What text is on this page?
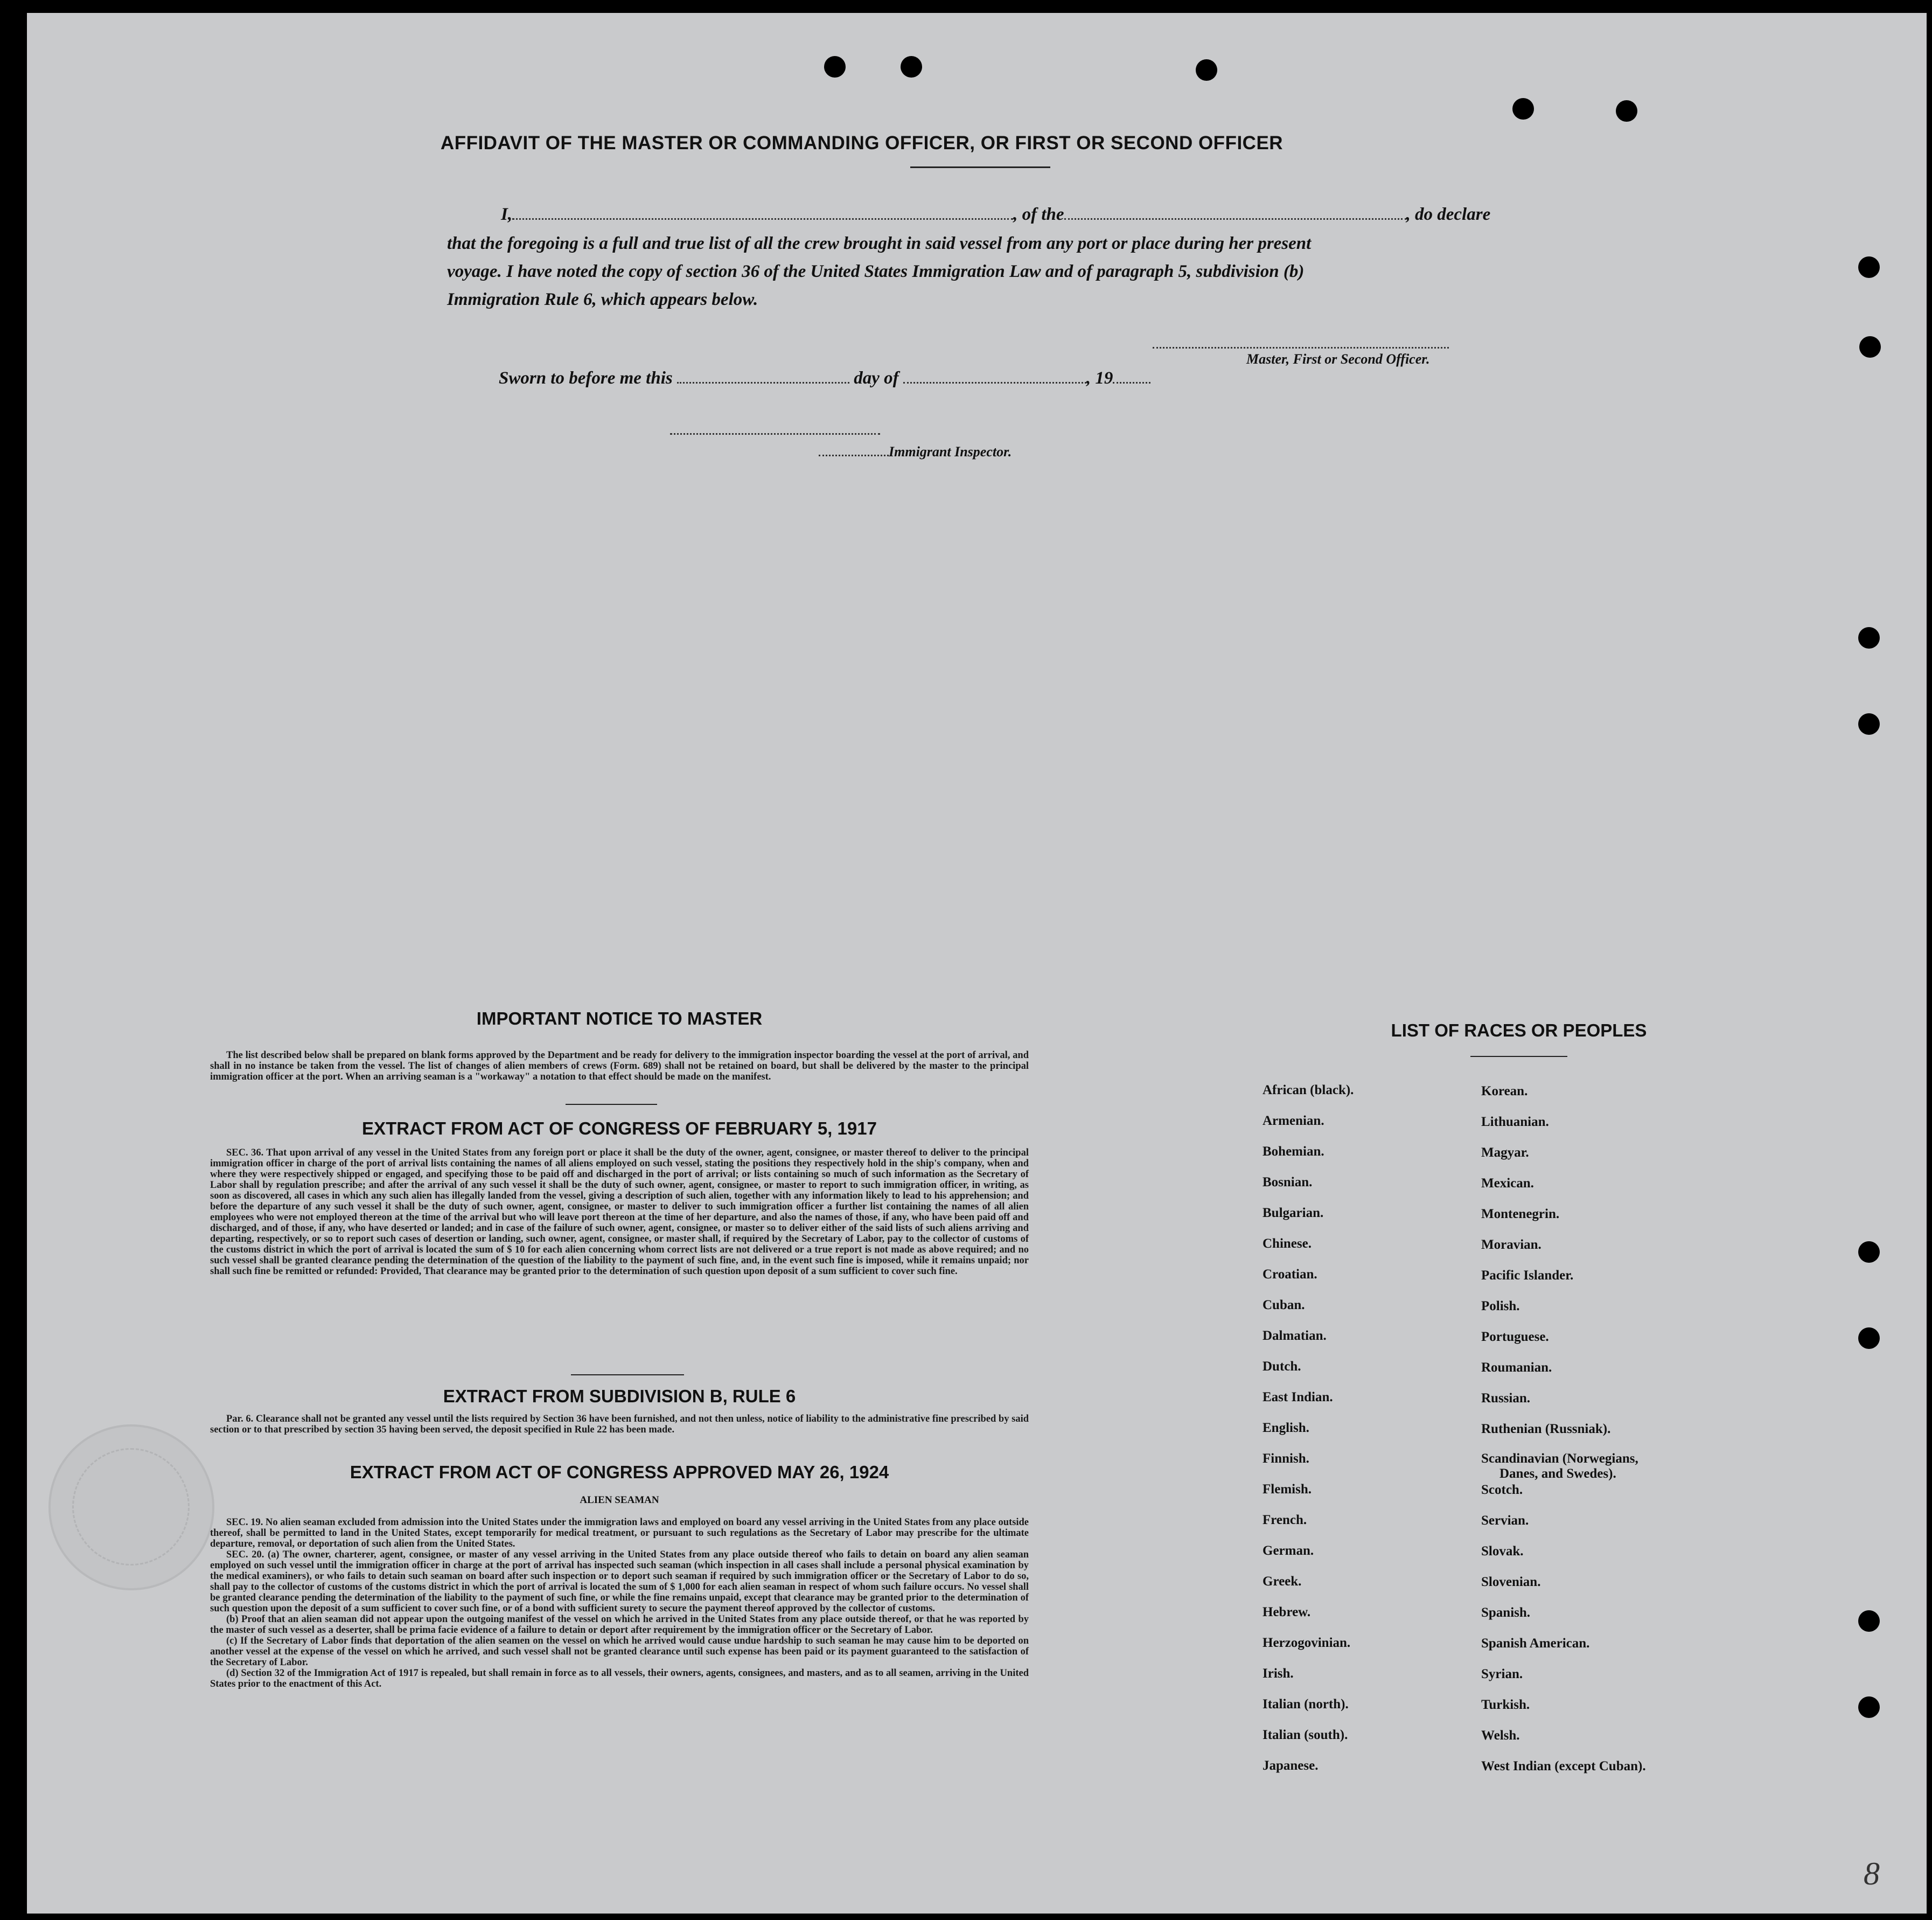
8
AFFIDAVIT OF THE MASTER OR COMMANDING OFFICER, OR FIRST OR SECOND OFFICER
I,	, of the	, do declare
that the foregoing is a full and true list of all the crew brought in said vessel from any port or place during her present
voyage. I have noted the copy of section 36 of the United States Immigration Law and of paragraph 5, subdivision (b)
Immigration Rule 6, which appears below.
Master, First or Second Officer.
Sworn to before me this	day of	, 19
Immigrant Inspector.
IMPORTANT NOTICE TO MASTER

The list described below shall be prepared on blank forms approved by the Department and be ready for delivery to the immigration inspector boarding the vessel at the port of arrival, and shall in no instance be taken from the vessel. The list of changes of alien members of crews (Form. 689) shall not be retained on board, but shall be delivered by the master to the principal immigration officer at the port. When an arriving seaman is a "workaway" a notation to that effect should be made on the manifest.

EXTRACT FROM ACT OF CONGRESS OF FEBRUARY 5, 1917

SEC. 36. That upon arrival of any vessel in the United States from any foreign port or place it shall be the duty of the owner, agent, consignee, or master thereof to deliver to the principal immigration officer in charge of the port of arrival lists containing the names of all aliens employed on such vessel, stating the positions they respectively hold in the ship's company, when and where they were respectively shipped or engaged, and specifying those to be paid off and discharged in the port of arrival; or lists containing so much of such information as the Secretary of Labor shall by regulation prescribe; and after the arrival of any such vessel it shall be the duty of such owner, agent, consignee, or master to report to such immigration officer, in writing, as soon as discovered, all cases in which any such alien has illegally landed from the vessel, giving a description of such alien, together with any information likely to lead to his apprehension; and before the departure of any such vessel it shall be the duty of such owner, agent, consignee, or master to deliver to such immigration officer a further list containing the names of all alien employees who were not employed thereon at the time of the arrival but who will leave port thereon at the time of her departure, and also the names of those, if any, who have been paid off and discharged, and of those, if any, who have deserted or landed; and in case of the failure of such owner, agent, consignee, or master so to deliver either of the said lists of such aliens arriving and departing, respectively, or so to report such cases of desertion or landing, such owner, agent, consignee, or master shall, if required by the Secretary of Labor, pay to the collector of customs of the customs district in which the port of arrival is located the sum of $ 10 for each alien concerning whom correct lists are not delivered or a true report is not made as above required; and no such vessel shall be granted clearance pending the determination of the question of the liability to the payment of such fine, and, in the event such fine is imposed, while it remains unpaid; nor shall such fine be remitted or refunded: Provided, That clearance may be granted prior to the determination of such question upon deposit of a sum sufficient to cover such fine.

EXTRACT FROM SUBDIVISION B, RULE 6

Par. 6. Clearance shall not be granted any vessel until the lists required by Section 36 have been furnished, and not then unless, notice of liability to the administrative fine prescribed by said section or to that prescribed by section 35 having been served, the deposit specified in Rule 22 has been made.

EXTRACT FROM ACT OF CONGRESS APPROVED MAY 26, 1924
ALIEN SEAMAN

SEC. 19. No alien seaman excluded from admission into the United States under the immigration laws and employed on board any vessel arriving in the United States from any place outside thereof, shall be permitted to land in the United States, except temporarily for medical treatment, or pursuant to such regulations as the Secretary of Labor may prescribe for the ultimate departure, removal, or deportation of such alien from the United States.

SEC. 20. (a) The owner, charterer, agent, consignee, or master of any vessel arriving in the United States from any place outside thereof who fails to detain on board any alien seaman employed on such vessel until the immigration officer in charge at the port of arrival has inspected such seaman (which inspection in all cases shall include a personal physical examination by the medical examiners), or who fails to detain such seaman on board after such inspection or to deport such seaman if required by such immigration officer or the Secretary of Labor to do so, shall pay to the collector of customs of the customs district in which the port of arrival is located the sum of $ 1,000 for each alien seaman in respect of whom such failure occurs. No vessel shall be granted clearance pending the determination of the liability to the payment of such fine, or while the fine remains unpaid, except that clearance may be granted prior to the determination of such question upon the deposit of a sum sufficient to cover such fine, or of a bond with sufficient surety to secure the payment thereof approved by the collector of customs.

(b) Proof that an alien seaman did not appear upon the outgoing manifest of the vessel on which he arrived in the United States from any place outside thereof, or that he was reported by the master of such vessel as a deserter, shall be prima facie evidence of a failure to detain or deport after requirement by the immigration officer or the Secretary of Labor.

(c) If the Secretary of Labor finds that deportation of the alien seamen on the vessel on which he arrived would cause undue hardship to such seaman he may cause him to be deported on another vessel at the expense of the vessel on which he arrived, and such vessel shall not be granted clearance until such expense has been paid or its payment guaranteed to the satisfaction of the Secretary of Labor.

(d) Section 32 of the Immigration Act of 1917 is repealed, but shall remain in force as to all vessels, their owners, agents, consignees, and masters, and as to all seamen, arriving in the United States prior to the enactment of this Act.

LIST OF RACES OR PEOPLES
African (black).
Armenian.
Bohemian.
Bosnian.
Bulgarian.
Chinese.
Croatian.
Cuban.
Dalmatian.
Dutch.
East Indian.
English.
Finnish.
Flemish.
French.
German.
Greek.
Hebrew.
Herzogovinian.
Irish.
Italian (north).
Italian (south).
Japanese.
Korean.
Lithuanian.
Magyar.
Mexican.
Montenegrin.
Moravian.
Pacific Islander.
Polish.
Portuguese.
Roumanian.
Russian.
Ruthenian (Russniak).
Scandinavian (Norwegians,
Danes, and Swedes).
Scotch.
Servian.
Slovak.
Slovenian.
Spanish.
Spanish American.
Syrian.
Turkish.
Welsh.
West Indian (except Cuban).
